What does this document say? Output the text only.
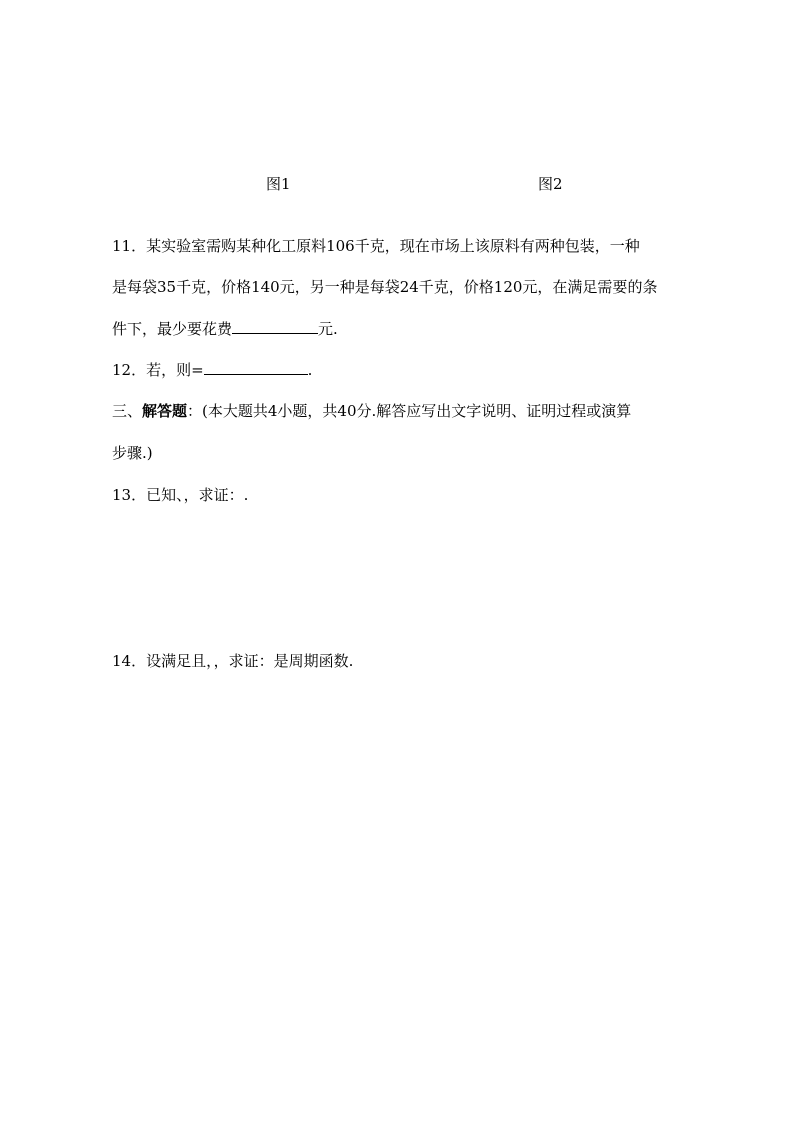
图1	图2
11．某实验室需购某种化工原料106千克，现在市场上该原料有两种包装，一种
是每袋35千克，价格140元，另一种是每袋24千克，价格120元，在满足需要的条
件下，最少要花费	元.
12．若，则=	.
三、解答题：(本大题共4小题，共40分.解答应写出文字说明、证明过程或演算
步骤.)
13．已知、，求证：.
14．设满足且，，求证：是周期函数.
